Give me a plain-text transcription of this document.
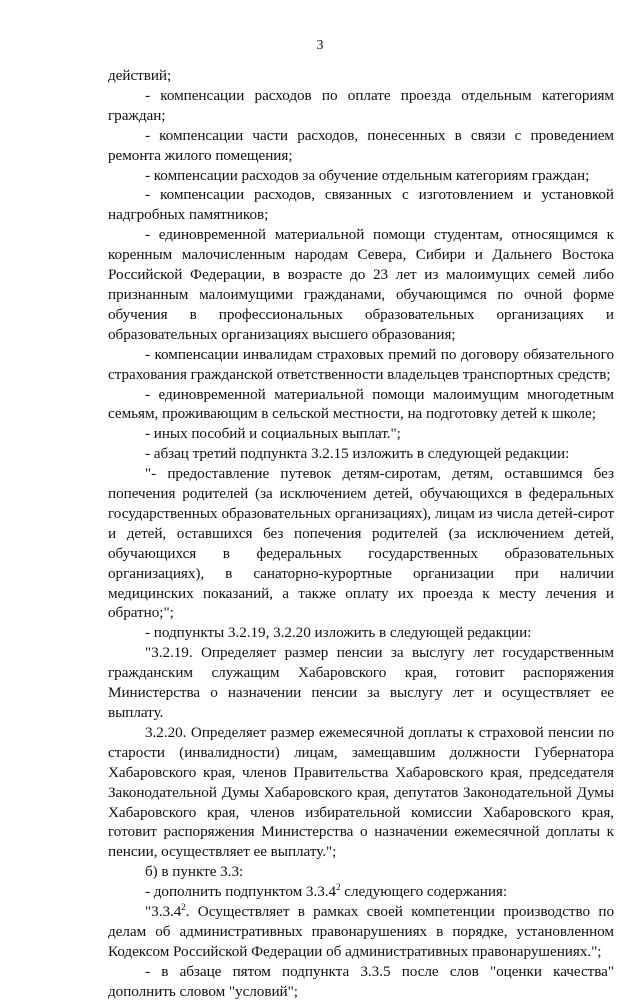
3

действий;

- компенсации расходов по оплате проезда отдельным категориям граждан;

- компенсации части расходов, понесенных в связи с проведением ремонта жилого помещения;

- компенсации расходов за обучение отдельным категориям граждан;

- компенсации расходов, связанных с изготовлением и установкой надгробных памятников;

- единовременной материальной помощи студентам, относящимся к коренным малочисленным народам Севера, Сибири и Дальнего Востока Российской Федерации, в возрасте до 23 лет из малоимущих семей либо признанным малоимущими гражданами, обучающимся по очной форме обучения в профессиональных образовательных организациях и образовательных организациях высшего образования;

- компенсации инвалидам страховых премий по договору обязательного страхования гражданской ответственности владельцев транспортных средств;

- единовременной материальной помощи малоимущим многодетным семьям, проживающим в сельской местности, на подготовку детей к школе;

- иных пособий и социальных выплат.";

- абзац третий подпункта 3.2.15 изложить в следующей редакции:

"- предоставление путевок детям-сиротам, детям, оставшимся без попечения родителей (за исключением детей, обучающихся в федеральных государственных образовательных организациях), лицам из числа детей-сирот и детей, оставшихся без попечения родителей (за исключением детей, обучающихся в федеральных государственных образовательных организациях), в санаторно-курортные организации при наличии медицинских показаний, а также оплату их проезда к месту лечения и обратно;";

- подпункты 3.2.19, 3.2.20 изложить в следующей редакции:

"3.2.19. Определяет размер пенсии за выслугу лет государственным гражданским служащим Хабаровского края, готовит распоряжения Министерства о назначении пенсии за выслугу лет и осуществляет ее выплату.

3.2.20. Определяет размер ежемесячной доплаты к страховой пенсии по старости (инвалидности) лицам, замещавшим должности Губернатора Хабаровского края, членов Правительства Хабаровского края, председателя Законодательной Думы Хабаровского края, депутатов Законодательной Думы Хабаровского края, членов избирательной комиссии Хабаровского края, готовит распоряжения Министерства о назначении ежемесячной доплаты к пенсии, осуществляет ее выплату.";

б) в пункте 3.3:

- дополнить подпунктом 3.3.4$^2$ следующего содержания:

"3.3.4$^2$. Осуществляет в рамках своей компетенции производство по делам об административных правонарушениях в порядке, установленном Кодексом Российской Федерации об административных правонарушениях.";

- в абзаце пятом подпункта 3.3.5 после слов "оценки качества" дополнить словом "условий";
